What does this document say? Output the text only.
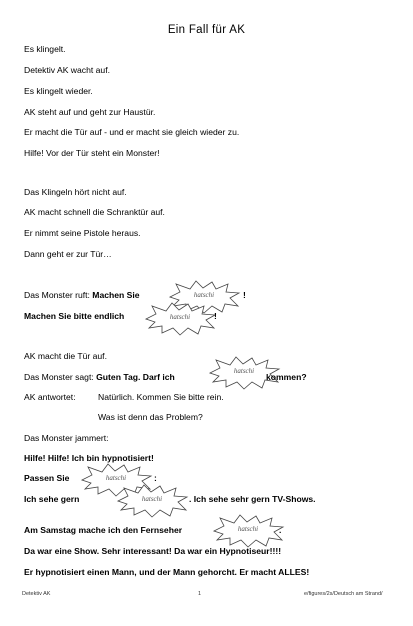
Ein Fall für AK
Es klingelt.
Detektiv AK wacht auf.
Es klingelt wieder.
AK steht auf und geht zur Haustür.
Er macht die Tür auf - und er macht sie gleich wieder zu.
Hilfe! Vor der Tür steht ein Monster!
Das Klingeln hört nicht auf.
AK macht schnell die Schranktür auf.
Er nimmt seine Pistole heraus.
Dann geht er zur Tür…
Das Monster ruft: Machen Sie	hatschi	!
Machen Sie bitte endlich	hatschi	!
AK macht die Tür auf.
Das Monster sagt: Guten Tag. Darf ich
hatschi
kommen?
AK antwortet:	Natürlich. Kommen Sie bitte rein.
Was ist denn das Problem?
Das Monster jammert:
Hilfe! Hilfe! Ich bin hypnotisiert!
Passen Sie	hatschi	:
Ich sehe gern	hatschi	. Ich sehe sehr gern TV-Shows.
Am Samstag mache ich den Fernseher	hatschi	.
Da war eine Show. Sehr interessant! Da war ein Hypnotiseur!!!!
Er hypnotisiert einen Mann, und der Mann gehorcht. Er macht ALLES!
Detektiv AK	1	e/figures/2s/Deutsch am Strand/
